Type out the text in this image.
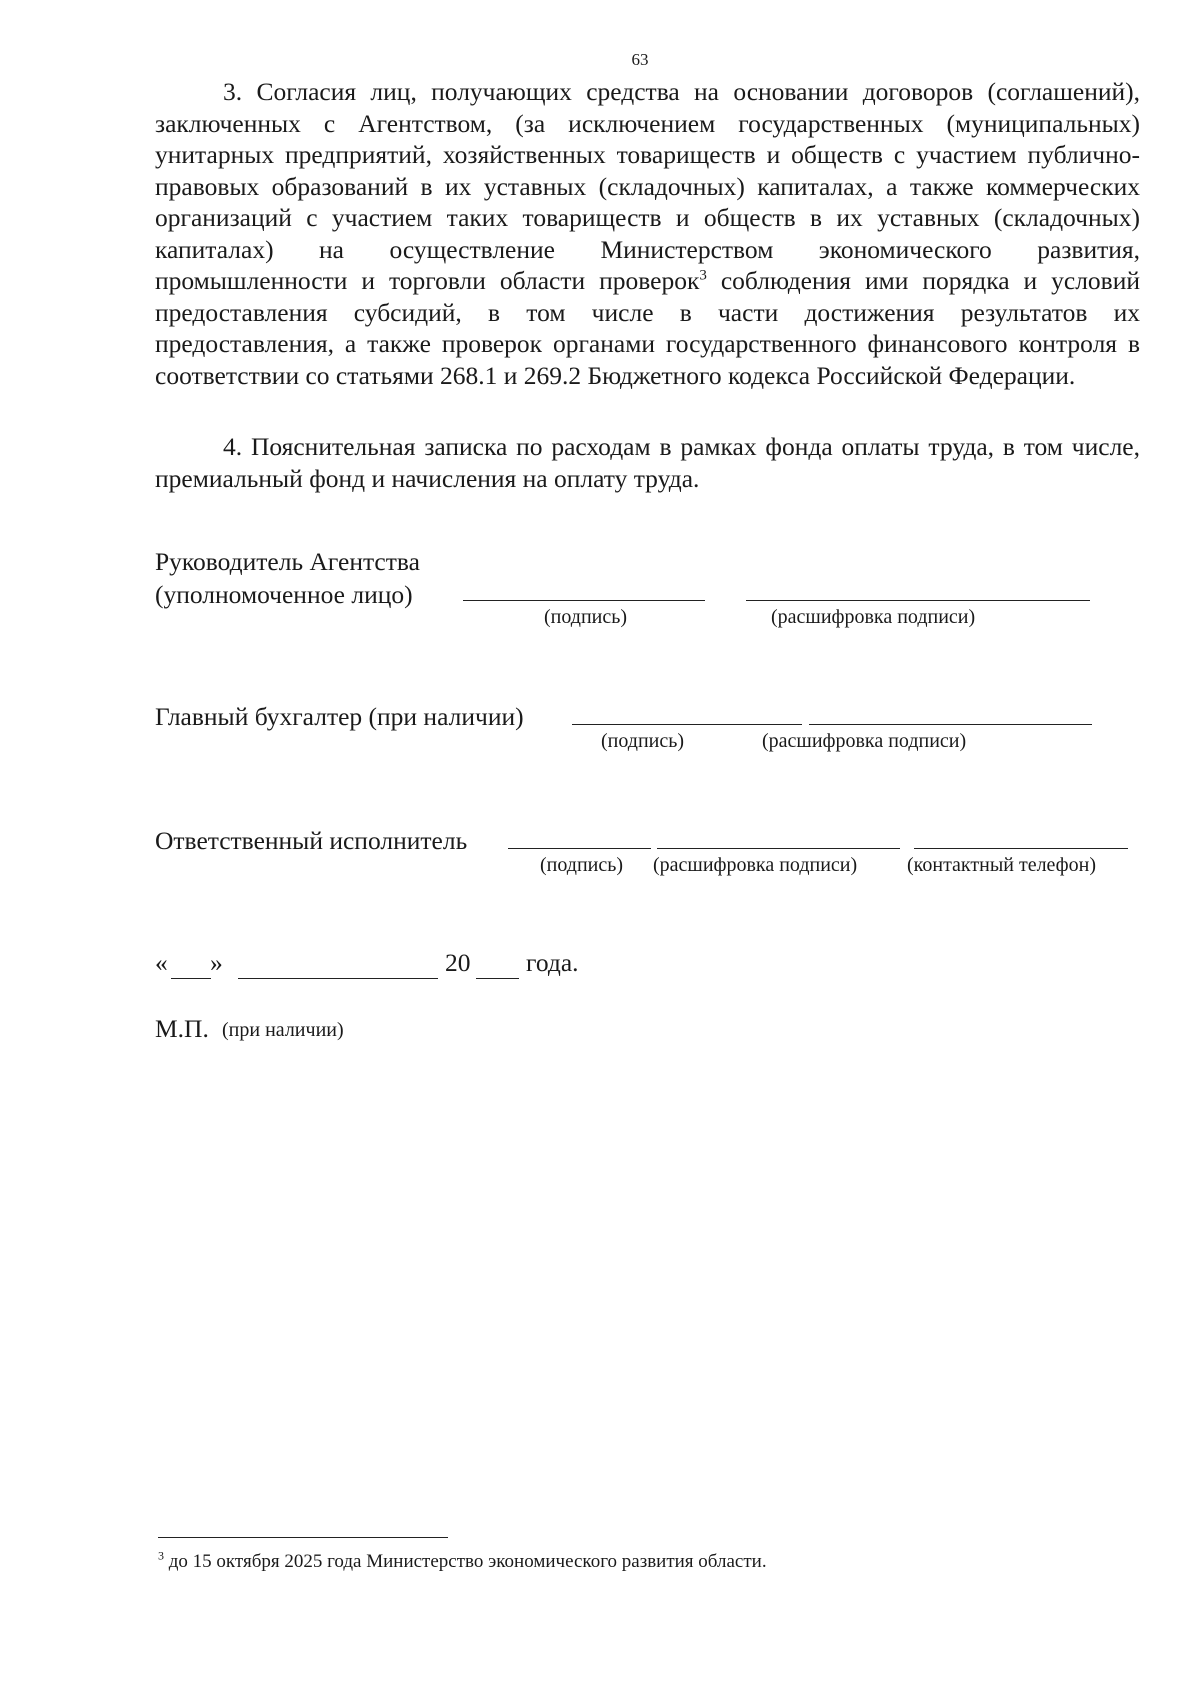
63

3. Согласия лиц, получающих средства на основании договоров (соглашений), заключенных с Агентством, (за исключением государственных (муниципальных) унитарных предприятий, хозяйственных товариществ и обществ с участием публично-правовых образований в их уставных (складочных) капиталах, а также коммерческих организаций с участием таких товариществ и обществ в их уставных (складочных) капиталах) на осуществление Министерством экономического развития, промышленности и торговли области проверок$^3$ соблюдения ими порядка и условий предоставления субсидий, в том числе в части достижения результатов их предоставления, а также проверок органами государственного финансового контроля в соответствии со статьями 268.1 и 269.2 Бюджетного кодекса Российской Федерации.

4. Пояснительная записка по расходам в рамках фонда оплаты труда, в том числе, премиальный фонд и начисления на оплату труда.

Руководитель Агентства
(уполномоченное лицо)
(подпись)	(расшифровка подписи)
Главный бухгалтер (при наличии)
(подпись)	(расшифровка подписи)
Ответственный исполнитель
(подпись) (расшифровка подписи) (контактный телефон)
« »	20 года.
М.П. (при наличии)
$^3$ до 15 октября 2025 года Министерство экономического развития области.
